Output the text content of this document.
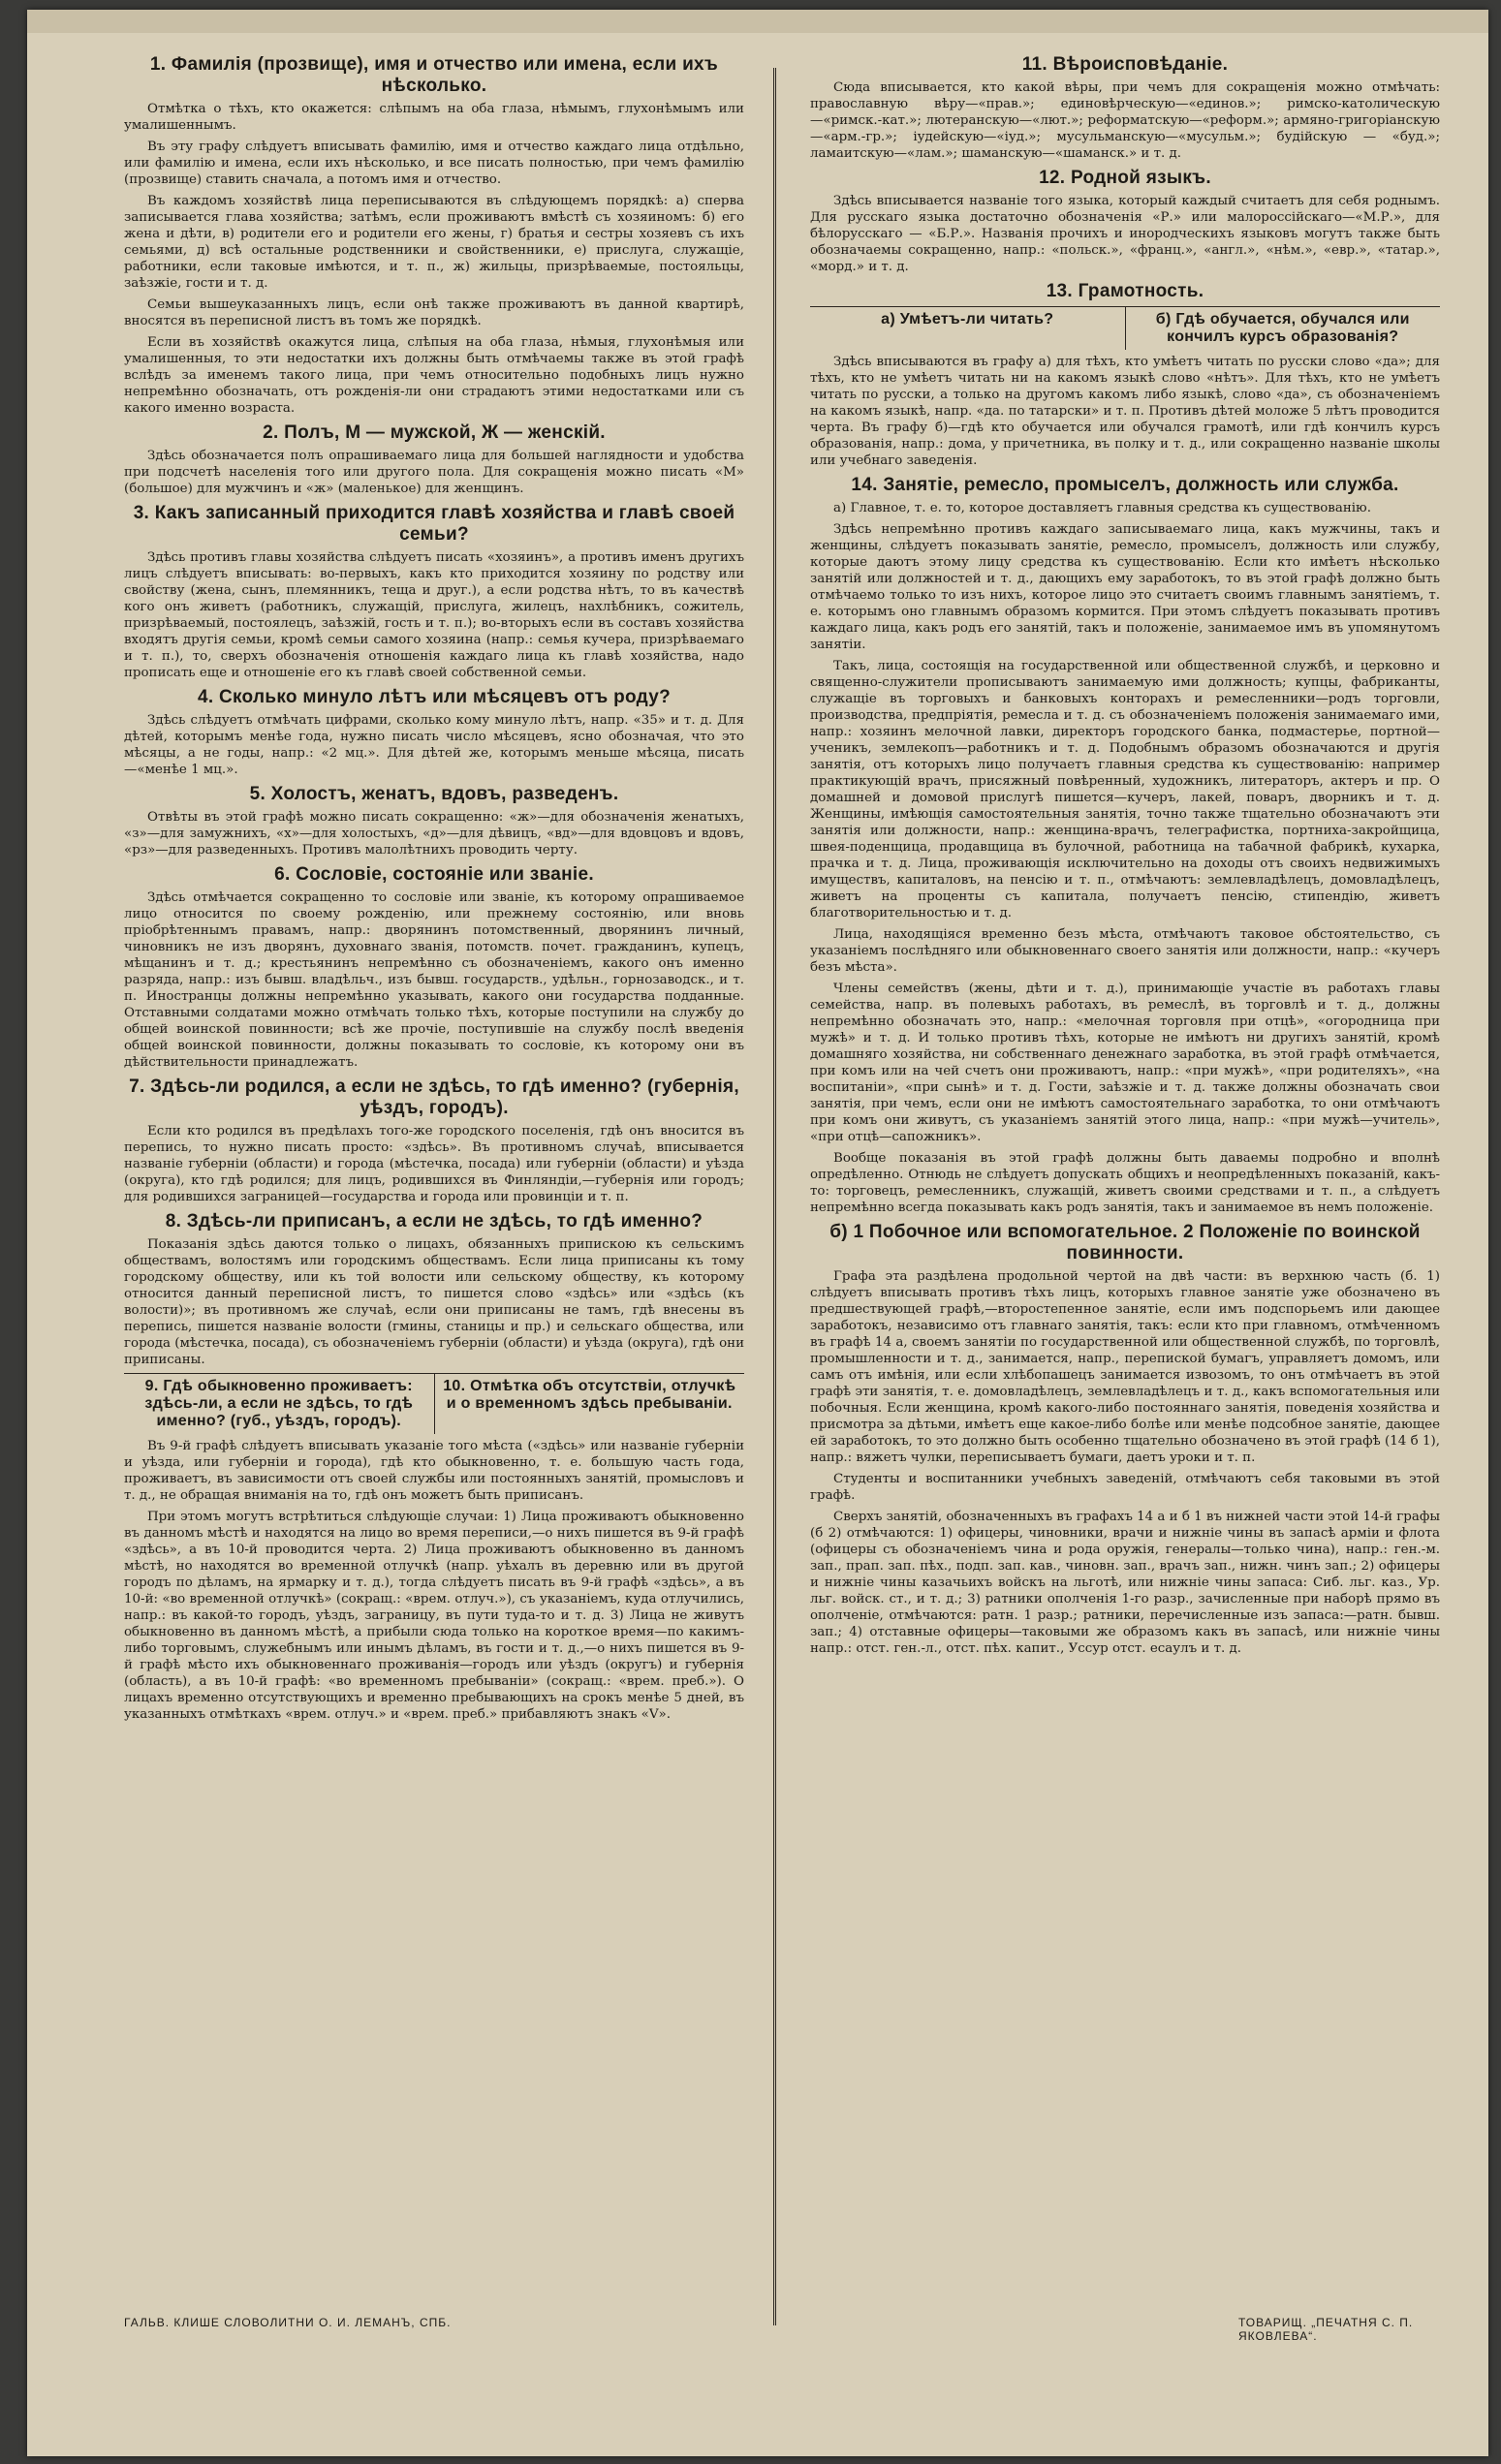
1. Фамилія (прозвище), имя и отчество или имена, если ихъ нѣсколько.

Отмѣтка о тѣхъ, кто окажется: слѣпымъ на оба глаза, нѣмымъ, глухонѣмымъ или умалишеннымъ.

Въ эту графу слѣдуетъ вписывать фамилію, имя и отчество каждаго лица отдѣльно, или фамилію и имена, если ихъ нѣсколько, и все писать полностью, при чемъ фамилію (прозвище) ставить сначала, а потомъ имя и отчество.

Въ каждомъ хозяйствѣ лица переписываются въ слѣдующемъ порядкѣ: а) сперва записывается глава хозяйства; затѣмъ, если проживаютъ вмѣстѣ съ хозяиномъ: б) его жена и дѣти, в) родители его и родители его жены, г) братья и сестры хозяевъ съ ихъ семьями, д) всѣ остальные родственники и свойственники, е) прислуга, служащіе, работники, если таковые имѣются, и т. п., ж) жильцы, призрѣваемые, постояльцы, заѣзжіе, гости и т. д.

Семьи вышеуказанныхъ лицъ, если онѣ также проживаютъ въ данной квартирѣ, вносятся въ переписной листъ въ томъ же порядкѣ.

Если въ хозяйствѣ окажутся лица, слѣпыя на оба глаза, нѣмыя, глухонѣмыя или умалишенныя, то эти недостатки ихъ должны быть отмѣчаемы также въ этой графѣ вслѣдъ за именемъ такого лица, при чемъ относительно подобныхъ лицъ нужно непремѣнно обозначать, отъ рожденія-ли они страдаютъ этими недостатками или съ какого именно возраста.

2. Полъ, М — мужской, Ж — женскій.

Здѣсь обозначается полъ опрашиваемаго лица для большей наглядности и удобства при подсчетѣ населенія того или другого пола. Для сокращенія можно писать «М» (большое) для мужчинъ и «ж» (маленькое) для женщинъ.

3. Какъ записанный приходится главѣ хозяйства и главѣ своей семьи?

Здѣсь противъ главы хозяйства слѣдуетъ писать «хозяинъ», а противъ именъ другихъ лицъ слѣдуетъ вписывать: во-первыхъ, какъ кто приходится хозяину по родству или свойству (жена, сынъ, племянникъ, теща и друг.), а если родства нѣтъ, то въ качествѣ кого онъ живетъ (работникъ, служащій, прислуга, жилецъ, нахлѣбникъ, сожитель, призрѣваемый, постоялецъ, заѣзжій, гость и т. п.); во-вторыхъ если въ составъ хозяйства входятъ другія семьи, кромѣ семьи самого хозяина (напр.: семья кучера, призрѣваемаго и т. п.), то, сверхъ обозначенія отношенія каждаго лица къ главѣ хозяйства, надо прописать еще и отношеніе его къ главѣ своей собственной семьи.

4. Сколько минуло лѣтъ или мѣсяцевъ отъ роду?

Здѣсь слѣдуетъ отмѣчать цифрами, сколько кому минуло лѣтъ, напр. «35» и т. д. Для дѣтей, которымъ менѣе года, нужно писать число мѣсяцевъ, ясно обозначая, что это мѣсяцы, а не годы, напр.: «2 мц.». Для дѣтей же, которымъ меньше мѣсяца, писать—«менѣе 1 мц.».

5. Холостъ, женатъ, вдовъ, разведенъ.

Отвѣты въ этой графѣ можно писать сокращенно: «ж»—для обозначенія женатыхъ, «з»—для замужнихъ, «х»—для холостыхъ, «д»—для дѣвицъ, «вд»—для вдовцовъ и вдовъ, «рз»—для разведенныхъ. Противъ малолѣтнихъ проводить черту.

6. Сословіе, состояніе или званіе.

Здѣсь отмѣчается сокращенно то сословіе или званіе, къ которому опрашиваемое лицо относится по своему рожденію, или прежнему состоянію, или вновь пріобрѣтеннымъ правамъ, напр.: дворянинъ потомственный, дворянинъ личный, чиновникъ не изъ дворянъ, духовнаго званія, потомств. почет. гражданинъ, купецъ, мѣщанинъ и т. д.; крестьянинъ непремѣнно съ обозначеніемъ, какого онъ именно разряда, напр.: изъ бывш. владѣльч., изъ бывш. государств., удѣльн., горнозаводск., и т. п. Иностранцы должны непремѣнно указывать, какого они государства подданные. Отставными солдатами можно отмѣчать только тѣхъ, которые поступили на службу до общей воинской повинности; всѣ же прочіе, поступившіе на службу послѣ введенія общей воинской повинности, должны показывать то сословіе, къ которому они въ дѣйствительности принадлежатъ.

7. Здѣсь-ли родился, а если не здѣсь, то гдѣ именно? (губернія, уѣздъ, городъ).

Если кто родился въ предѣлахъ того-же городского поселенія, гдѣ онъ вносится въ перепись, то нужно писать просто: «здѣсь». Въ противномъ случаѣ, вписывается названіе губерніи (области) и города (мѣстечка, посада) или губерніи (области) и уѣзда (округа), кто гдѣ родился; для лицъ, родившихся въ Финляндіи,—губернія или городъ; для родившихся заграницей—государства и города или провинціи и т. п.

8. Здѣсь-ли приписанъ, а если не здѣсь, то гдѣ именно?

Показанія здѣсь даются только о лицахъ, обязанныхъ припискою къ сельскимъ обществамъ, волостямъ или городскимъ обществамъ. Если лица приписаны къ тому городскому обществу, или къ той волости или сельскому обществу, къ которому относится данный переписной листъ, то пишется слово «здѣсь» или «здѣсь (къ волости)»; въ противномъ же случаѣ, если они приписаны не тамъ, гдѣ внесены въ перепись, пишется названіе волости (гмины, станицы и пр.) и сельскаго общества, или города (мѣстечка, посада), съ обозначеніемъ губерніи (области) и уѣзда (округа), гдѣ они приписаны.

9. Гдѣ обыкновенно проживаетъ: здѣсь-ли, а если не здѣсь, то гдѣ именно? (губ., уѣздъ, городъ).
10. Отмѣтка объ отсутствіи, отлучкѣ и о временномъ здѣсь пребываніи.

Въ 9-й графѣ слѣдуетъ вписывать указаніе того мѣста («здѣсь» или названіе губерніи и уѣзда, или губерніи и города), гдѣ кто обыкновенно, т. е. большую часть года, проживаетъ, въ зависимости отъ своей службы или постоянныхъ занятій, промысловъ и т. д., не обращая вниманія на то, гдѣ онъ можетъ быть приписанъ.

При этомъ могутъ встрѣтиться слѣдующіе случаи: 1) Лица проживаютъ обыкновенно въ данномъ мѣстѣ и находятся на лицо во время переписи,—о нихъ пишется въ 9-й графѣ «здѣсь», а въ 10-й проводится черта. 2) Лица проживаютъ обыкновенно въ данномъ мѣстѣ, но находятся во временной отлучкѣ (напр. уѣхалъ въ деревню или въ другой городъ по дѣламъ, на ярмарку и т. д.), тогда слѣдуетъ писать въ 9-й графѣ «здѣсь», а въ 10-й: «во временной отлучкѣ» (сокращ.: «врем. отлуч.»), съ указаніемъ, куда отлучились, напр.: въ какой-то городъ, уѣздъ, заграницу, въ пути туда-то и т. д. 3) Лица не живутъ обыкновенно въ данномъ мѣстѣ, а прибыли сюда только на короткое время—по какимъ-либо торговымъ, служебнымъ или инымъ дѣламъ, въ гости и т. д.,—о нихъ пишется въ 9-й графѣ мѣсто ихъ обыкновеннаго проживанія—городъ или уѣздъ (округъ) и губернія (область), а въ 10-й графѣ: «во временномъ пребываніи» (сокращ.: «врем. преб.»). О лицахъ временно отсутствующихъ и временно пребывающихъ на срокъ менѣе 5 дней, въ указанныхъ отмѣткахъ «врем. отлуч.» и «врем. преб.» прибавляютъ знакъ «V».

11. Вѣроисповѣданіе.

Сюда вписывается, кто какой вѣры, при чемъ для сокращенія можно отмѣчать: православную вѣру—«прав.»; единовѣрческую—«единов.»; римско-католическую—«римск.-кат.»; лютеранскую—«лют.»; реформатскую—«реформ.»; армяно-григоріанскую—«арм.-гр.»; іудейскую—«іуд.»; мусульманскую—«мусульм.»; будійскую — «буд.»; ламаитскую—«лам.»; шаманскую—«шаманск.» и т. д.

12. Родной языкъ.

Здѣсь вписывается названіе того языка, который каждый считаетъ для себя роднымъ. Для русскаго языка достаточно обозначенія «Р.» или малороссійскаго—«М.Р.», для бѣлорусскаго — «Б.Р.». Названія прочихъ и инородческихъ языковъ могутъ также быть обозначаемы сокращенно, напр.: «польск.», «франц.», «англ.», «нѣм.», «евр.», «татар.», «морд.» и т. д.

13. Грамотность.
а) Умѣетъ-ли читать?	б) Гдѣ обучается, обучался или кончилъ курсъ образованія?

Здѣсь вписываются въ графу а) для тѣхъ, кто умѣетъ читать по русски слово «да»; для тѣхъ, кто не умѣетъ читать ни на какомъ языкѣ слово «нѣтъ». Для тѣхъ, кто не умѣетъ читать по русски, а только на другомъ какомъ либо языкѣ, слово «да», съ обозначеніемъ на какомъ языкѣ, напр. «да. по татарски» и т. п. Противъ дѣтей моложе 5 лѣтъ проводится черта. Въ графу б)—гдѣ кто обучается или обучался грамотѣ, или гдѣ кончилъ курсъ образованія, напр.: дома, у причетника, въ полку и т. д., или сокращенно названіе школы или учебнаго заведенія.

14. Занятіе, ремесло, промыселъ, должность или служба.

а) Главное, т. е. то, которое доставляетъ главныя средства къ существованію.

Здѣсь непремѣнно противъ каждаго записываемаго лица, какъ мужчины, такъ и женщины, слѣдуетъ показывать занятіе, ремесло, промыселъ, должность или службу, которые даютъ этому лицу средства къ существованію. Если кто имѣетъ нѣсколько занятій или должностей и т. д., дающихъ ему заработокъ, то въ этой графѣ должно быть отмѣчаемо только то изъ нихъ, которое лицо это считаетъ своимъ главнымъ занятіемъ, т. е. которымъ оно главнымъ образомъ кормится. При этомъ слѣдуетъ показывать противъ каждаго лица, какъ родъ его занятій, такъ и положеніе, занимаемое имъ въ упомянутомъ занятіи.

Такъ, лица, состоящія на государственной или общественной службѣ, и церковно и священно-служители прописываютъ занимаемую ими должность; купцы, фабриканты, служащіе въ торговыхъ и банковыхъ конторахъ и ремесленники—родъ торговли, производства, предпріятія, ремесла и т. д. съ обозначеніемъ положенія занимаемаго ими, напр.: хозяинъ мелочной лавки, директоръ городского банка, подмастерье, портной—ученикъ, землекопъ—работникъ и т. д. Подобнымъ образомъ обозначаются и другія занятія, отъ которыхъ лицо получаетъ главныя средства къ существованію: например практикующій врачъ, присяжный повѣренный, художникъ, литераторъ, актеръ и пр. О домашней и домовой прислугѣ пишется—кучеръ, лакей, поваръ, дворникъ и т. д. Женщины, имѣющія самостоятельныя занятія, точно также тщательно обозначаютъ эти занятія или должности, напр.: женщина-врачъ, телеграфистка, портниха-закройщица, швея-поденщица, продавщица въ булочной, работница на табачной фабрикѣ, кухарка, прачка и т. д. Лица, проживающія исключительно на доходы отъ своихъ недвижимыхъ имуществъ, капиталовъ, на пенсію и т. п., отмѣчаютъ: землевладѣлецъ, домовладѣлецъ, живетъ на проценты съ капитала, получаетъ пенсію, стипендію, живетъ благотворительностью и т. д.

Лица, находящіяся временно безъ мѣста, отмѣчаютъ таковое обстоятельство, съ указаніемъ послѣдняго или обыкновеннаго своего занятія или должности, напр.: «кучеръ безъ мѣста».

Члены семействъ (жены, дѣти и т. д.), принимающіе участіе въ работахъ главы семейства, напр. въ полевыхъ работахъ, въ ремеслѣ, въ торговлѣ и т. д., должны непремѣнно обозначать это, напр.: «мелочная торговля при отцѣ», «огородница при мужѣ» и т. д. И только противъ тѣхъ, которые не имѣютъ ни другихъ занятій, кромѣ домашняго хозяйства, ни собственнаго денежнаго заработка, въ этой графѣ отмѣчается, при комъ или на чей счетъ они проживаютъ, напр.: «при мужѣ», «при родителяхъ», «на воспитаніи», «при сынѣ» и т. д. Гости, заѣзжіе и т. д. также должны обозначать свои занятія, при чемъ, если они не имѣютъ самостоятельнаго заработка, то они отмѣчаютъ при комъ они живутъ, съ указаніемъ занятій этого лица, напр.: «при мужѣ—учитель», «при отцѣ—сапожникъ».

Вообще показанія въ этой графѣ должны быть даваемы подробно и вполнѣ опредѣленно. Отнюдь не слѣдуетъ допускать общихъ и неопредѣленныхъ показаній, какъ-то: торговецъ, ремесленникъ, служащій, живетъ своими средствами и т. п., а слѣдуетъ непремѣнно всегда показывать какъ родъ занятія, такъ и занимаемое въ немъ положеніе.

б) 1 Побочное или вспомогательное. 2 Положеніе по воинской повинности.

Графа эта раздѣлена продольной чертой на двѣ части: въ верхнюю часть (б. 1) слѣдуетъ вписывать противъ тѣхъ лицъ, которыхъ главное занятіе уже обозначено въ предшествующей графѣ,—второстепенное занятіе, если имъ подспорьемъ или дающее заработокъ, независимо отъ главнаго занятія, такъ: если кто при главномъ, отмѣченномъ въ графѣ 14 а, своемъ занятіи по государственной или общественной службѣ, по торговлѣ, промышленности и т. д., занимается, напр., перепиской бумагъ, управляетъ домомъ, или самъ отъ имѣнія, или если хлѣбопашецъ занимается извозомъ, то онъ отмѣчаетъ въ этой графѣ эти занятія, т. е. домовладѣлецъ, землевладѣлецъ и т. д., какъ вспомогательныя или побочныя. Если женщина, кромѣ какого-либо постояннаго занятія, поведенія хозяйства и присмотра за дѣтьми, имѣетъ еще какое-либо болѣе или менѣе подсобное занятіе, дающее ей заработокъ, то это должно быть особенно тщательно обозначено въ этой графѣ (14 б 1), напр.: вяжетъ чулки, переписываетъ бумаги, даетъ уроки и т. п.

Студенты и воспитанники учебныхъ заведеній, отмѣчаютъ себя таковыми въ этой графѣ.

Сверхъ занятій, обозначенныхъ въ графахъ 14 а и б 1 въ нижней части этой 14-й графы (б 2) отмѣчаются: 1) офицеры, чиновники, врачи и нижніе чины въ запасѣ арміи и флота (офицеры съ обозначеніемъ чина и рода оружія, генералы—только чина), напр.: ген.-м. зап., прап. зап. пѣх., подп. зап. кав., чиновн. зап., врачъ зап., нижн. чинъ зап.; 2) офицеры и нижніе чины казачьихъ войскъ на льготѣ, или нижніе чины запаса: Сиб. льг. каз., Ур. льг. войск. ст., и т. д.; 3) ратники ополченія 1-го разр., зачисленные при наборѣ прямо въ ополченіе, отмѣчаются: ратн. 1 разр.; ратники, перечисленные изъ запаса:—ратн. бывш. зап.; 4) отставные офицеры—таковыми же образомъ какъ въ запасѣ, или нижніе чины напр.: отст. ген.-л., отст. пѣх. капит., Уссур отст. есаулъ и т. д.

ГАЛЬВ. КЛИШЕ СЛОВОЛИТНИ О. И. ЛЕМАНЪ, СПБ.	ТОВАРИЩ. „ПЕЧАТНЯ С. П. ЯКОВЛЕВА“.
